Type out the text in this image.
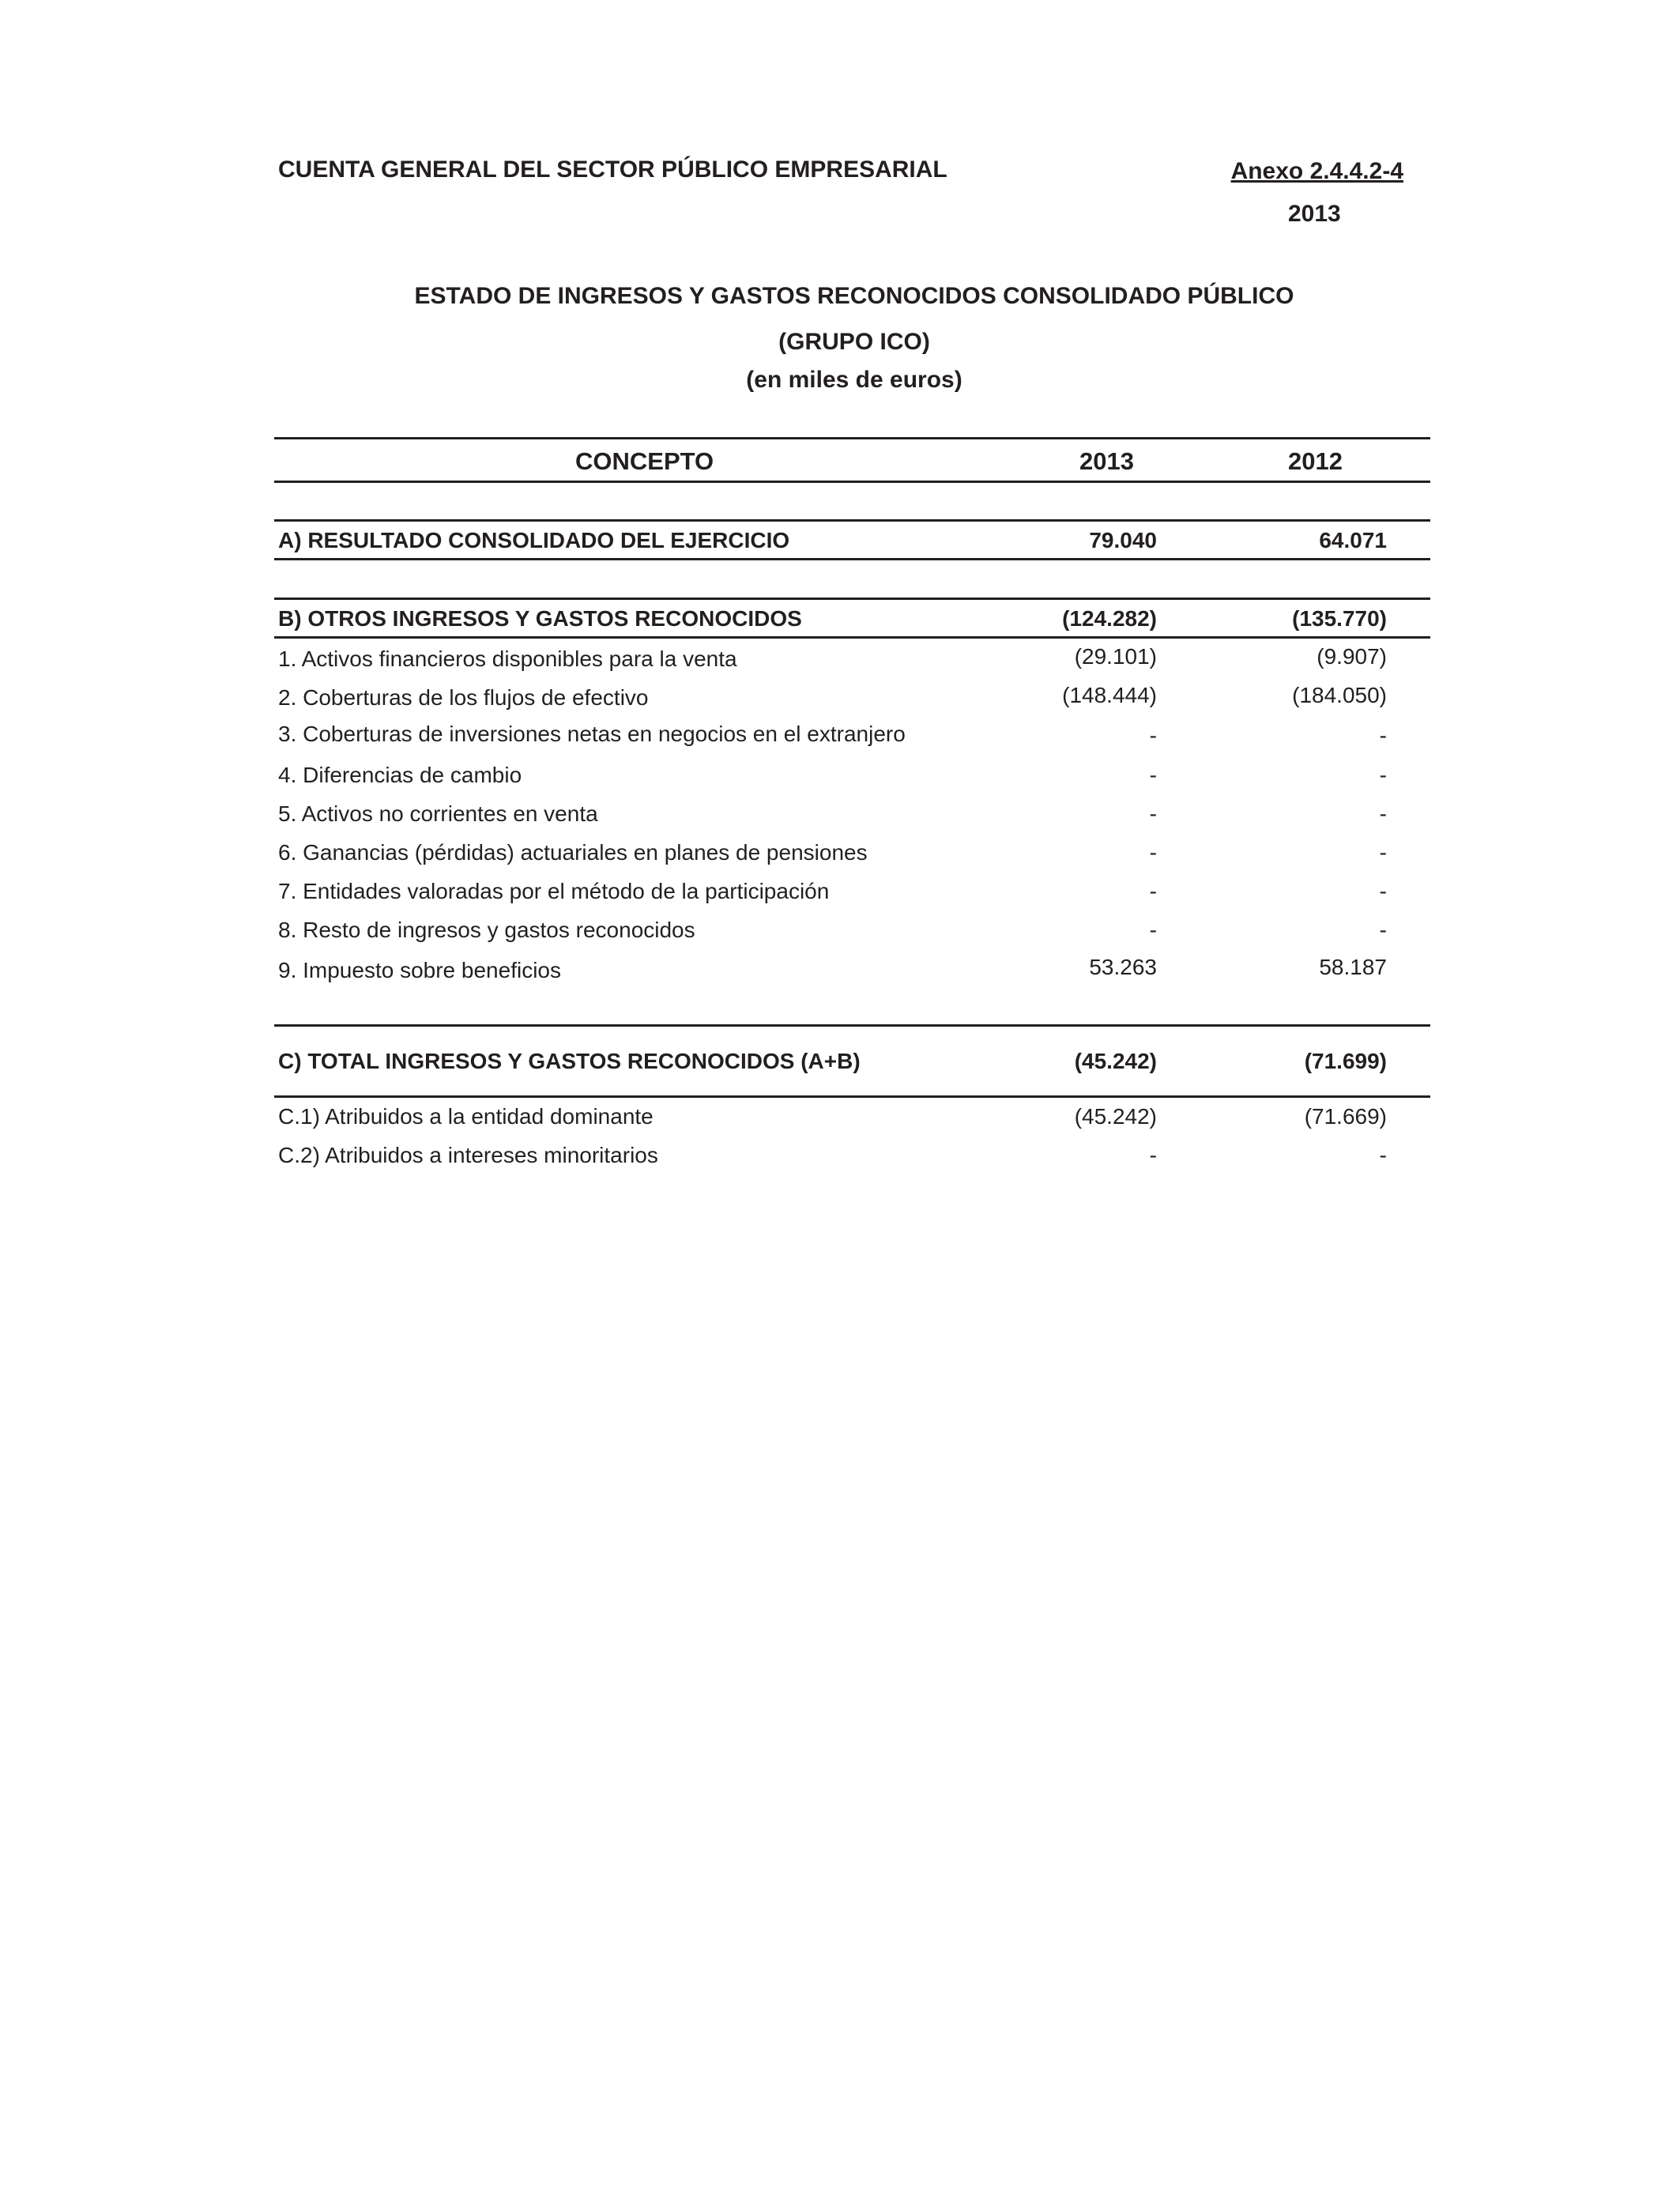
CUENTA GENERAL DEL SECTOR PÚBLICO EMPRESARIAL	Anexo 2.4.4.2-4
2013
ESTADO DE INGRESOS Y GASTOS RECONOCIDOS CONSOLIDADO PÚBLICO
(GRUPO ICO)
(en miles de euros)
CONCEPTO	2013	2012
A) RESULTADO CONSOLIDADO DEL EJERCICIO	79.040	64.071
B) OTROS INGRESOS Y GASTOS RECONOCIDOS	(124.282)	(135.770)
1. Activos financieros disponibles para la venta	(29.101)	(9.907)
2. Coberturas de los flujos de efectivo	(148.444)	(184.050)
3. Coberturas de inversiones netas en negocios en el extranjero	-	-
4. Diferencias de cambio	-	-
5. Activos no corrientes en venta	-	-
6. Ganancias (pérdidas) actuariales en planes de pensiones	-	-
7. Entidades valoradas por el método de la participación	-	-
8. Resto de ingresos y gastos reconocidos	-	-
9. Impuesto sobre beneficios	53.263	58.187
C) TOTAL INGRESOS Y GASTOS RECONOCIDOS (A+B)	(45.242)	(71.699)
C.1) Atribuidos a la entidad dominante	(45.242)	(71.669)
C.2) Atribuidos a intereses minoritarios	-	-
